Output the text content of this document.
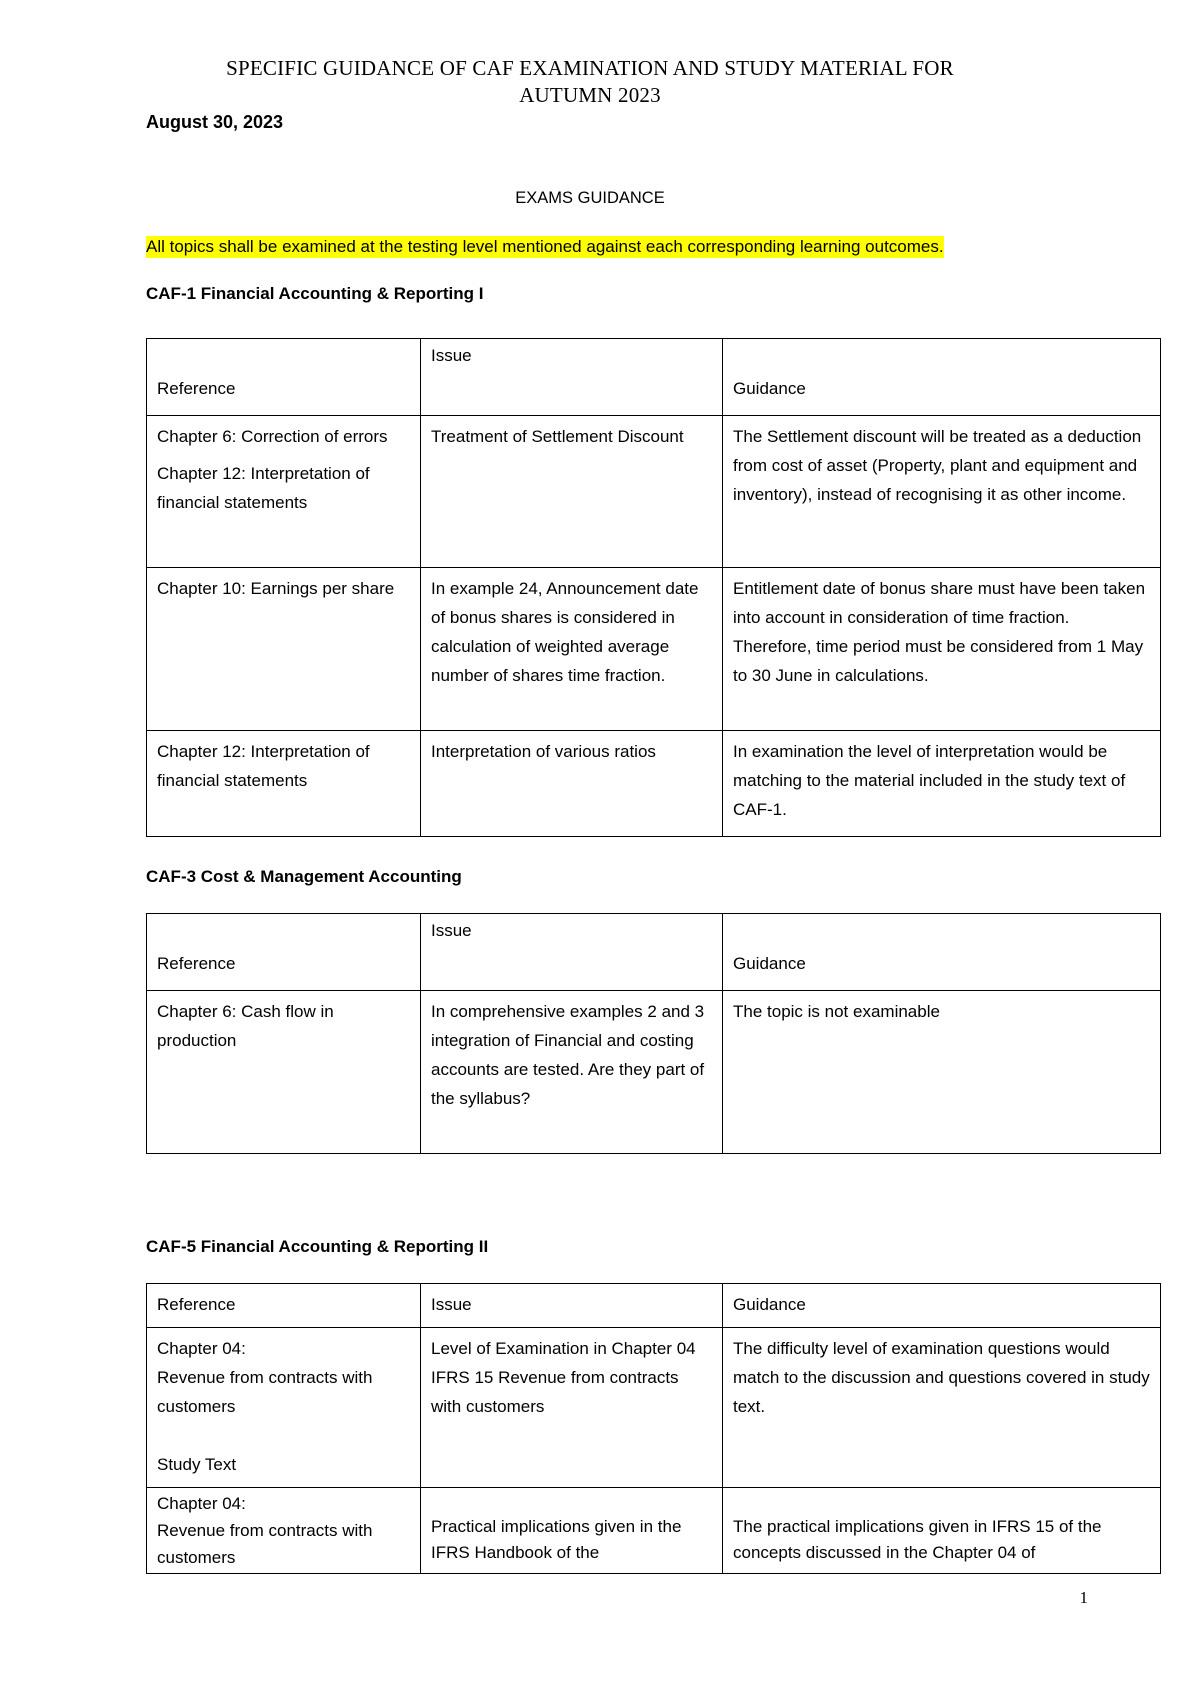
SPECIFIC GUIDANCE OF CAF EXAMINATION AND STUDY MATERIAL FOR
AUTUMN 2023
August 30, 2023
EXAMS GUIDANCE
All topics shall be examined at the testing level mentioned against each corresponding learning outcomes.
CAF-1 Financial Accounting & Reporting I
Reference	Issue	Guidance

Chapter 6: Correction of errors
Chapter 12: Interpretation of financial statements	Treatment of Settlement Discount	The Settlement discount will be treated as a deduction from cost of asset (Property, plant and equipment and inventory), instead of recognising it as other income.
Chapter 10: Earnings per share	In example 24, Announcement date of bonus shares is considered in calculation of weighted average number of shares time fraction.	Entitlement date of bonus share must have been taken into account in consideration of time fraction. Therefore, time period must be considered from 1 May to 30 June in calculations.
Chapter 12: Interpretation of financial statements	Interpretation of various ratios	In examination the level of interpretation would be matching to the material included in the study text of CAF-1.
CAF-3 Cost & Management Accounting
Reference	Issue	Guidance
Chapter 6: Cash flow in production	In comprehensive examples 2 and 3 integration of Financial and costing accounts are tested. Are they part of the syllabus?	The topic is not examinable
CAF-5 Financial Accounting & Reporting II
Reference	Issue	Guidance

Chapter 04:
Revenue from contracts with customers
Study Text	Level of Examination in Chapter 04 IFRS 15 Revenue from contracts with customers	The difficulty level of examination questions would match to the discussion and questions covered in study text.

Chapter 04:
Revenue from contracts with customers	Practical implications given in the IFRS Handbook of the	The practical implications given in IFRS 15 of the concepts discussed in the Chapter 04 of
1
